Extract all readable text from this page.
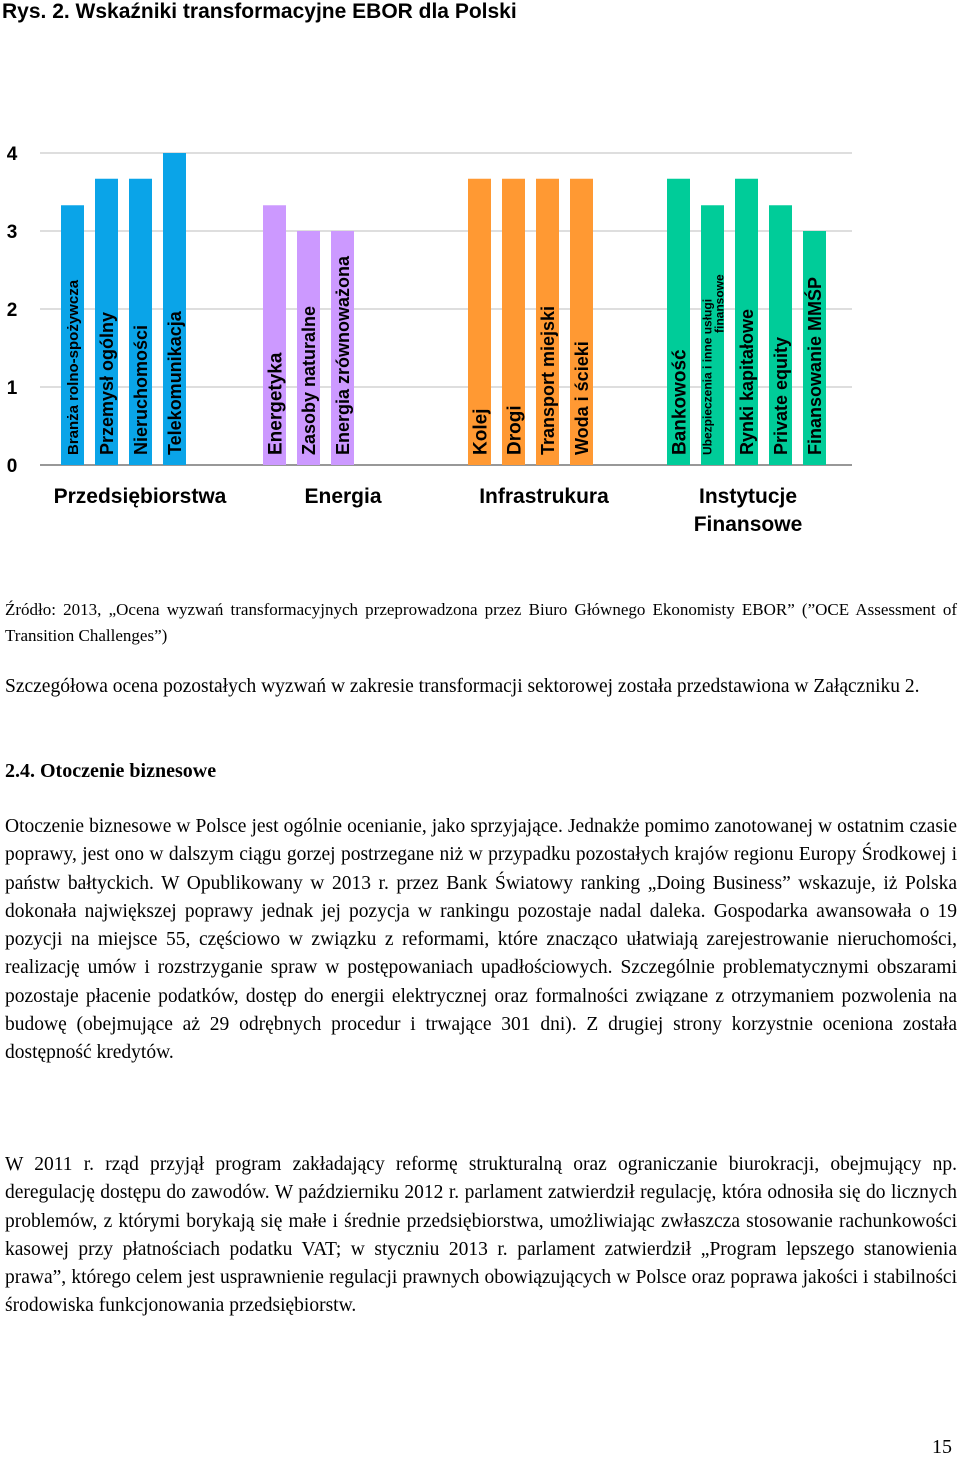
Rys. 2. Wskaźniki transformacyjne EBOR dla Polski
0
1
2
3
4
Branża rolno-spożywcza Przemysł ogólny Nieruchomości Telekomunikacja	Energetyka Zasoby naturalne Energia zrównoważona	Kolej Drogi Transport miejski Woda i ścieki	Bankowość Ubezpieczenia i inne usługi
finansowe
Rynki kapitałowe Private equity Finansowanie MMŚP
Przedsiębiorstwa	Energia	Infrastrukura	Instytucje
Finansowe
Źródło: 2013, „Ocena wyzwań transformacyjnych przeprowadzona przez Biuro Głównego Ekonomisty EBOR” (”OCE Assessment of Transition Challenges”)
Szczegółowa ocena pozostałych wyzwań w zakresie transformacji sektorowej została przedstawiona w Załączniku 2.
2.4. Otoczenie biznesowe
Otoczenie biznesowe w Polsce jest ogólnie ocenianie, jako sprzyjające. Jednakże pomimo zanotowanej w ostatnim czasie poprawy, jest ono w dalszym ciągu gorzej postrzegane niż w przypadku pozostałych krajów regionu Europy Środkowej i państw bałtyckich. W Opublikowany w 2013 r. przez Bank Światowy ranking „Doing Business” wskazuje, iż Polska dokonała największej poprawy jednak jej pozycja w rankingu pozostaje nadal daleka. Gospodarka awansowała o 19 pozycji na miejsce 55, częściowo w związku z reformami, które znacząco ułatwiają zarejestrowanie nieruchomości, realizację umów i rozstrzyganie spraw w postępowaniach upadłościowych. Szczególnie problematycznymi obszarami pozostaje płacenie podatków, dostęp do energii elektrycznej oraz formalności związane z otrzymaniem pozwolenia na budowę (obejmujące aż 29 odrębnych procedur i trwające 301 dni). Z drugiej strony korzystnie oceniona została dostępność kredytów.
W 2011 r. rząd przyjął program zakładający reformę strukturalną oraz ograniczanie biurokracji, obejmujący np. deregulację dostępu do zawodów. W październiku 2012 r. parlament zatwierdził regulację, która odnosiła się do licznych problemów, z którymi borykają się małe i średnie przedsiębiorstwa, umożliwiając zwłaszcza stosowanie rachunkowości kasowej przy płatnościach podatku VAT; w styczniu 2013 r. parlament zatwierdził „Program lepszego stanowienia prawa”, którego celem jest usprawnienie regulacji prawnych obowiązujących w Polsce oraz poprawa jakości i stabilności środowiska funkcjonowania przedsiębiorstw.
15
